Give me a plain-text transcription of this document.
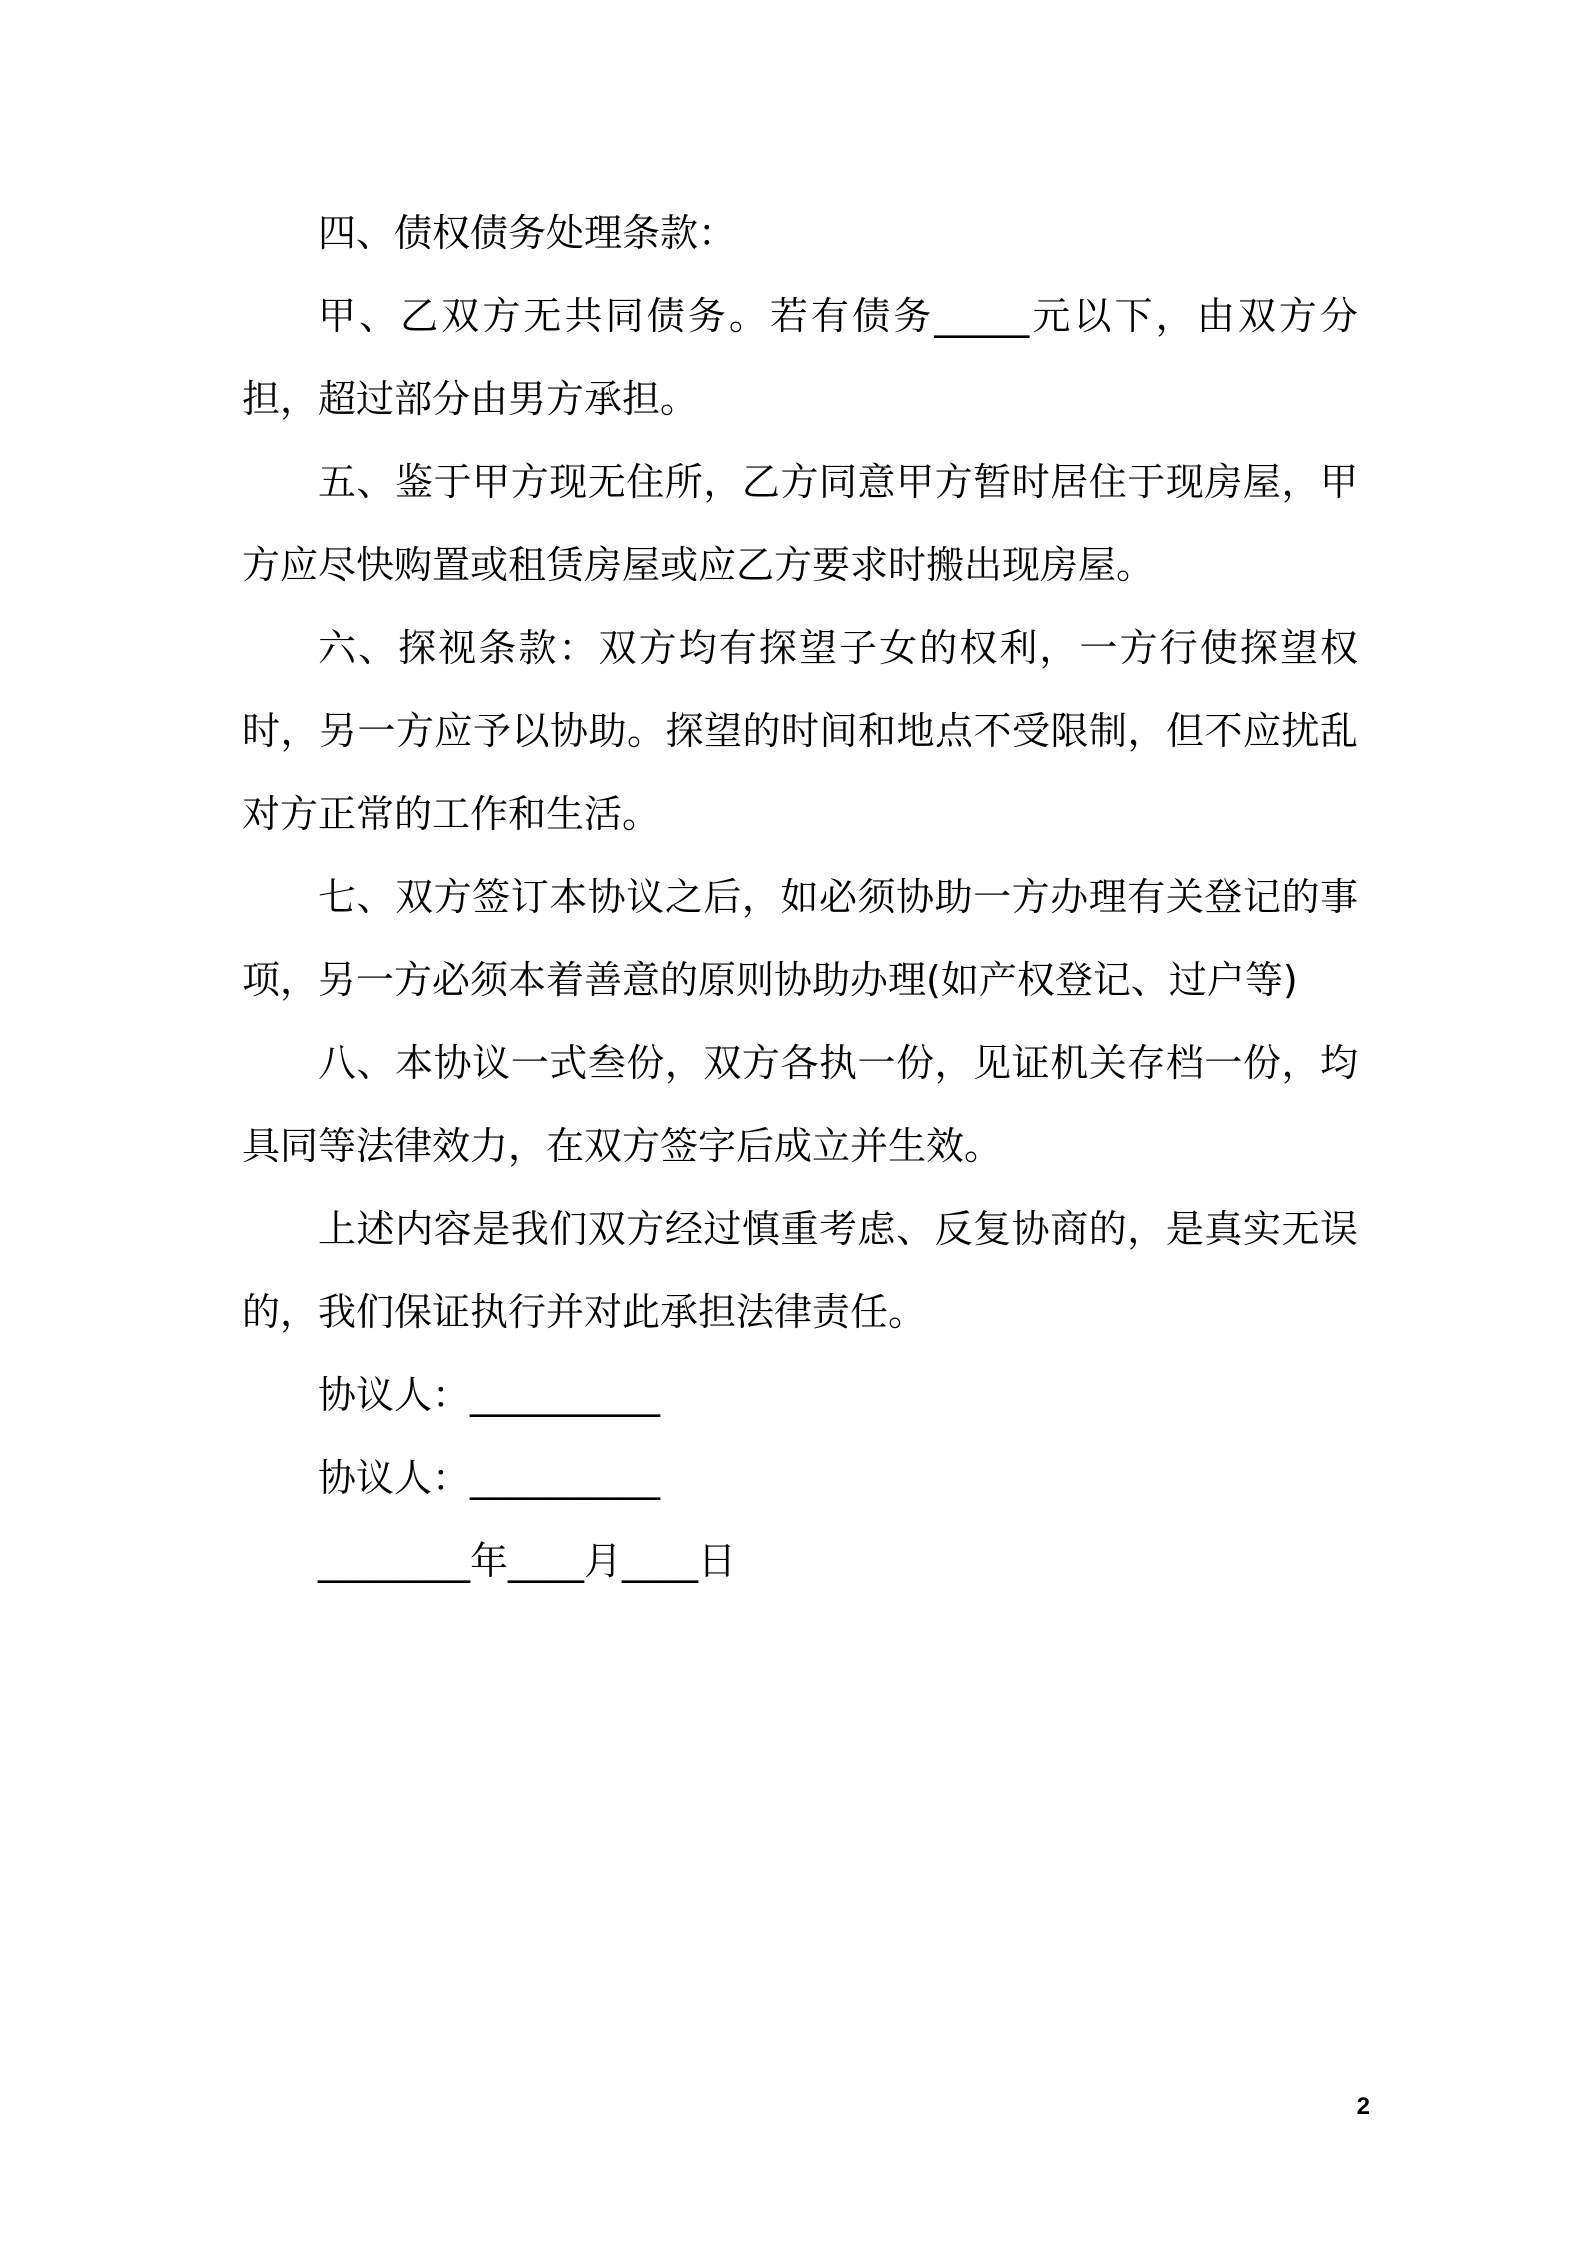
四、债权债务处理条款：

甲、乙双方无共同债务。若有债务_____元以下，由双方分担，超过部分由男方承担。

五、鉴于甲方现无住所，乙方同意甲方暂时居住于现房屋，甲方应尽快购置或租赁房屋或应乙方要求时搬出现房屋。

六、探视条款：双方均有探望子女的权利，一方行使探望权时，另一方应予以协助。探望的时间和地点不受限制，但不应扰乱对方正常的工作和生活。

七、双方签订本协议之后，如必须协助一方办理有关登记的事项，另一方必须本着善意的原则协助办理(如产权登记、过户等)

八、本协议一式叁份，双方各执一份，见证机关存档一份，均具同等法律效力，在双方签字后成立并生效。

上述内容是我们双方经过慎重考虑、反复协商的，是真实无误的，我们保证执行并对此承担法律责任。

协议人：__________

协议人：__________

________年____月____日

2
